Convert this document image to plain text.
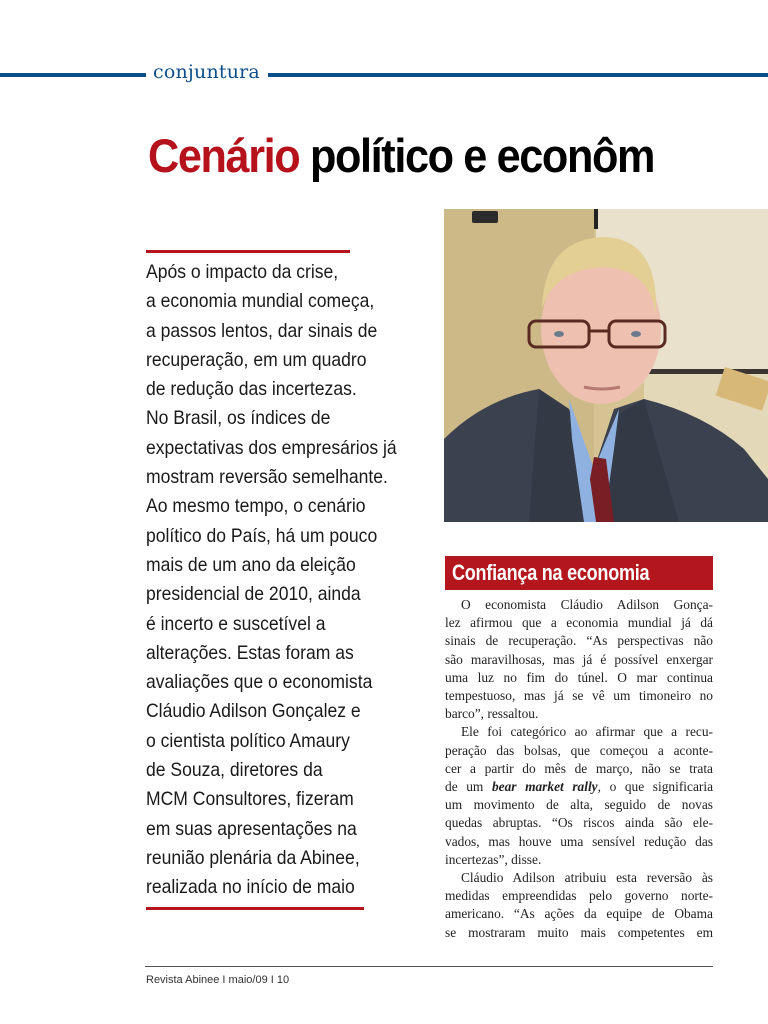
conjuntura
Cenário político e econôm
Após o impacto da crise,
a economia mundial começa,
a passos lentos, dar sinais de
recuperação, em um quadro
de redução das incertezas.
No Brasil, os índices de
expectativas dos empresários já
mostram reversão semelhante.
Ao mesmo tempo, o cenário
político do País, há um pouco
mais de um ano da eleição
presidencial de 2010, ainda
é incerto e suscetível a
alterações. Estas foram as
avaliações que o economista
Cláudio Adilson Gonçalez e
o cientista político Amaury
de Souza, diretores da
MCM Consultores, fizeram
em suas apresentações na
reunião plenária da Abinee,
realizada no início de maio
Confiança na economia
O economista Cláudio Adilson Gonça-
lez afirmou que a economia mundial já dá
sinais de recuperação. “As perspectivas não
são maravilhosas, mas já é possível enxergar
uma luz no fim do túnel. O mar continua
tempestuoso, mas já se vê um timoneiro no
barco”, ressaltou.
Ele foi categórico ao afirmar que a recu-
peração das bolsas, que começou a aconte-
cer a partir do mês de março, não se trata
de um bear market rally, o que significaria
um movimento de alta, seguido de novas
quedas abruptas. “Os riscos ainda são ele-
vados, mas houve uma sensível redução das
incertezas”, disse.
Cláudio Adilson atribuiu esta reversão às
medidas empreendidas pelo governo norte-
americano. “As ações da equipe de Obama
se mostraram muito mais competentes em
Revista Abinee I maio/09 I 10
